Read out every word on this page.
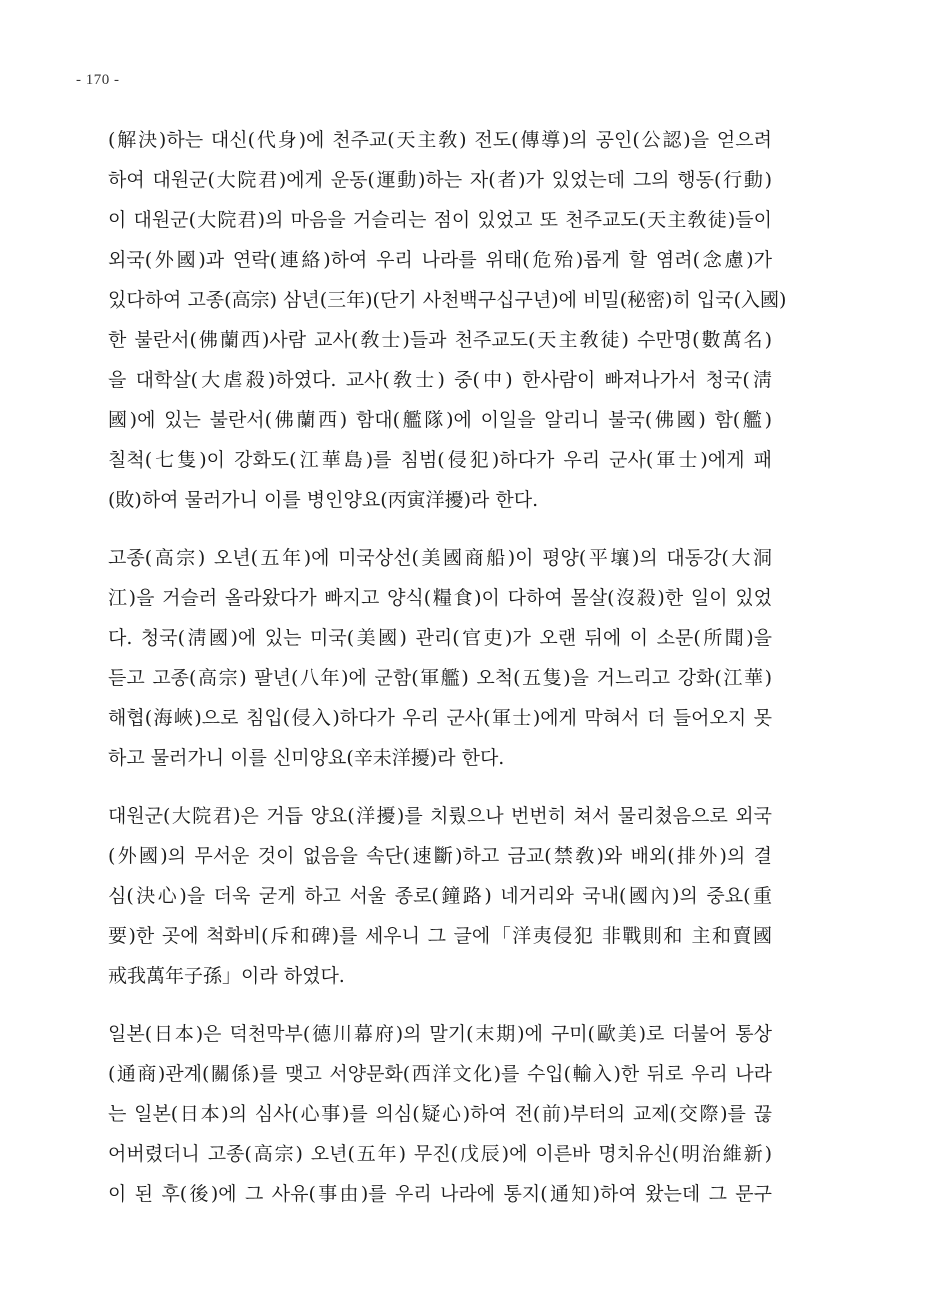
- 170 -
(解決)하는 대신(代身)에 천주교(天主敎) 전도(傳導)의 공인(公認)을 얻으려
하여 대원군(大院君)에게 운동(運動)하는 자(者)가 있었는데 그의 행동(行動)
이 대원군(大院君)의 마음을 거슬리는 점이 있었고 또 천주교도(天主敎徒)들이
외국(外國)과 연락(連絡)하여 우리 나라를 위태(危殆)롭게 할 염려(念慮)가
있다하여 고종(高宗) 삼년(三年)(단기 사천백구십구년)에 비밀(秘密)히 입국(入國)
한 불란서(佛蘭西)사람 교사(敎士)들과 천주교도(天主敎徒) 수만명(數萬名)
을 대학살(大虐殺)하였다. 교사(敎士) 중(中) 한사람이 빠져나가서 청국(淸
國)에 있는 불란서(佛蘭西) 함대(艦隊)에 이일을 알리니 불국(佛國) 함(艦)
칠척(七隻)이 강화도(江華島)를 침범(侵犯)하다가 우리 군사(軍士)에게 패
(敗)하여 물러가니 이를 병인양요(丙寅洋擾)라 한다.
고종(高宗) 오년(五年)에 미국상선(美國商船)이 평양(平壤)의 대동강(大洞
江)을 거슬러 올라왔다가 빠지고 양식(糧食)이 다하여 몰살(沒殺)한 일이 있었
다. 청국(淸國)에 있는 미국(美國) 관리(官吏)가 오랜 뒤에 이 소문(所聞)을
듣고 고종(高宗) 팔년(八年)에 군함(軍艦) 오척(五隻)을 거느리고 강화(江華)
해협(海峽)으로 침입(侵入)하다가 우리 군사(軍士)에게 막혀서 더 들어오지 못
하고 물러가니 이를 신미양요(辛未洋擾)라 한다.
대원군(大院君)은 거듭 양요(洋擾)를 치뤘으나 번번히 쳐서 물리쳤음으로 외국
(外國)의 무서운 것이 없음을 속단(速斷)하고 금교(禁敎)와 배외(排外)의 결
심(決心)을 더욱 굳게 하고 서울 종로(鐘路) 네거리와 국내(國內)의 중요(重
要)한 곳에 척화비(斥和碑)를 세우니 그 글에「洋夷侵犯 非戰則和 主和賣國
戒我萬年子孫」이라 하였다.
일본(日本)은 덕천막부(德川幕府)의 말기(末期)에 구미(歐美)로 더불어 통상
(通商)관계(關係)를 맺고 서양문화(西洋文化)를 수입(輸入)한 뒤로 우리 나라
는 일본(日本)의 심사(心事)를 의심(疑心)하여 전(前)부터의 교제(交際)를 끊
어버렸더니 고종(高宗) 오년(五年) 무진(戊辰)에 이른바 명치유신(明治維新)
이 된 후(後)에 그 사유(事由)를 우리 나라에 통지(通知)하여 왔는데 그 문구
